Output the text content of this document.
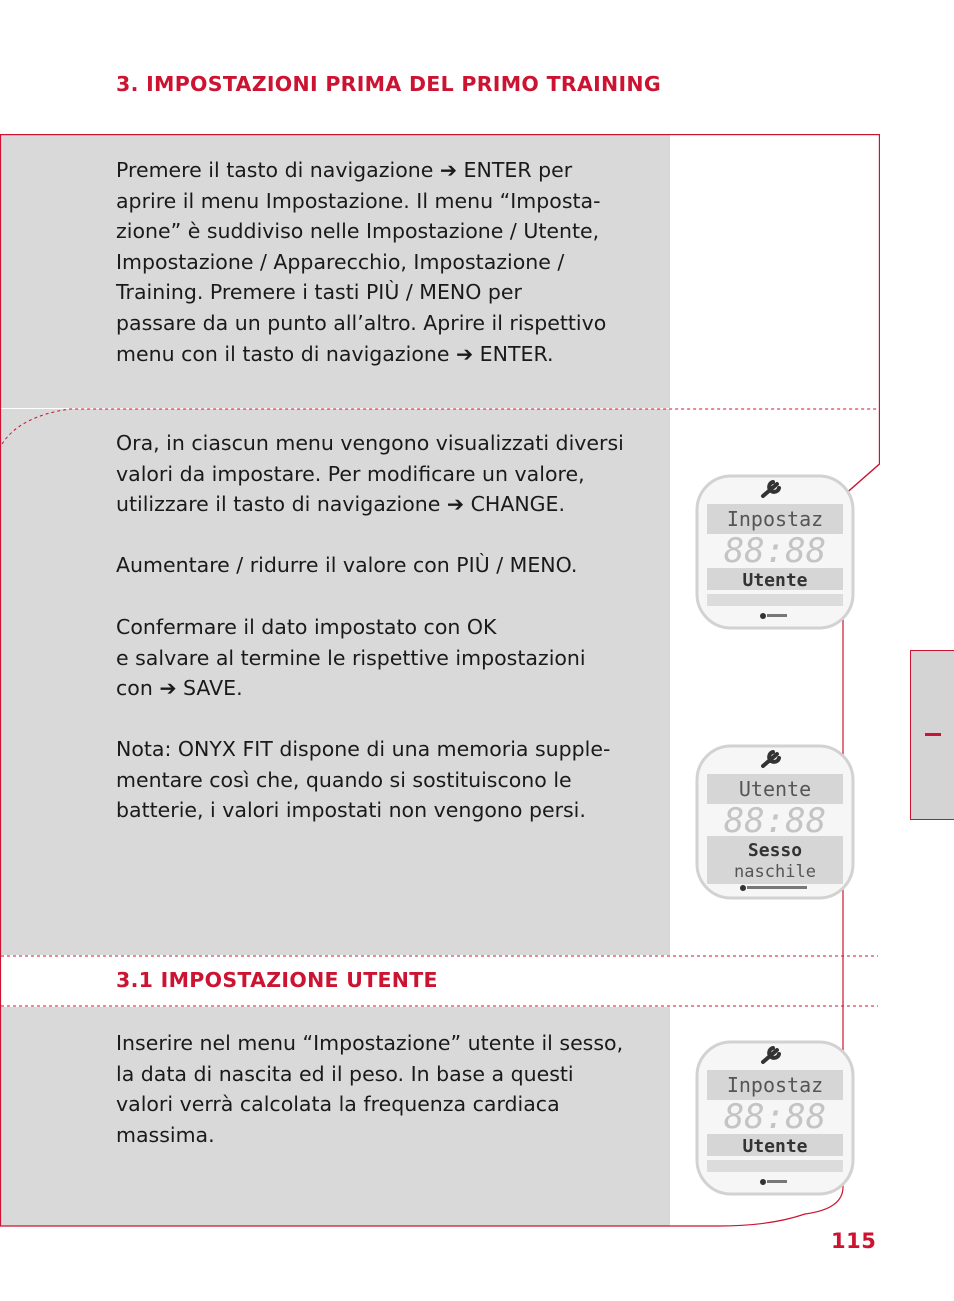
3. IMPOSTAZIONI PRIMA DEL PRIMO TRAINING

Premere il tasto di navigazione ➔ ENTER per
aprire il menu Impostazione. Il menu “Imposta-
zione” è suddiviso nelle Impostazione / Utente,
Impostazione / Apparecchio, Impostazione /
Training. Premere i tasti PIÙ / MENO per
passare da un punto all’altro. Aprire il rispettivo
menu con il tasto di navigazione ➔ ENTER.

Ora, in ciascun menu vengono visualizzati diversi
valori da impostare. Per modificare un valore,
utilizzare il tasto di navigazione ➔ CHANGE.

Aumentare / ridurre il valore con PIÙ / MENO.

Confermare il dato impostato con OK
e salvare al termine le rispettive impostazioni
con ➔ SAVE.

Nota: ONYX FIT dispone di una memoria supple-
mentare così che, quando si sostituiscono le
batterie, i valori impostati non vengono persi.

3.1 IMPOSTAZIONE UTENTE

Inserire nel menu “Impostazione” utente il sesso,
la data di nascita ed il peso. In base a questi
valori verrà calcolata la frequenza cardiaca
massima.

Inpostaz
88:88
Utente
Utente
88:88
Sesso
naschile
Inpostaz
88:88
Utente
115
